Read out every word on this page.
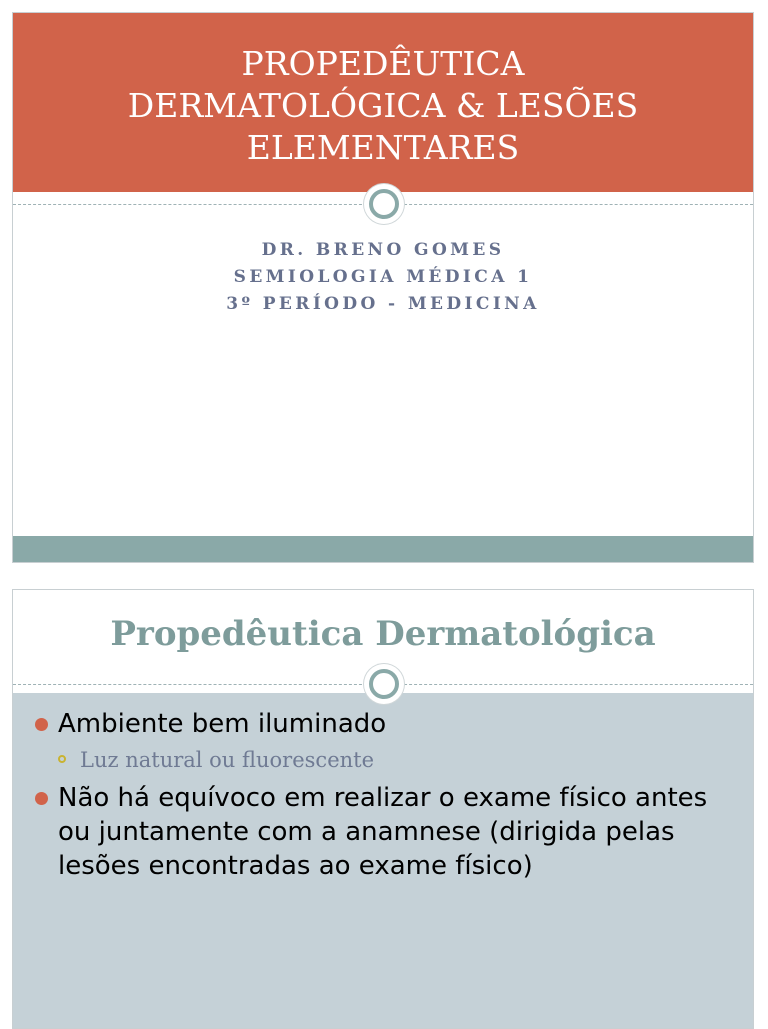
PROPEDÊUTICA
DERMATOLÓGICA & LESÕES
ELEMENTARES
DR. BRENO GOMES
SEMIOLOGIA MÉDICA 1
3º PERÍODO - MEDICINA
Propedêutica Dermatológica
Ambiente bem iluminado
Luz natural ou fluorescente
Não há equívoco em realizar o exame físico antes ou juntamente com a anamnese (dirigida pelas lesões encontradas ao exame físico)
